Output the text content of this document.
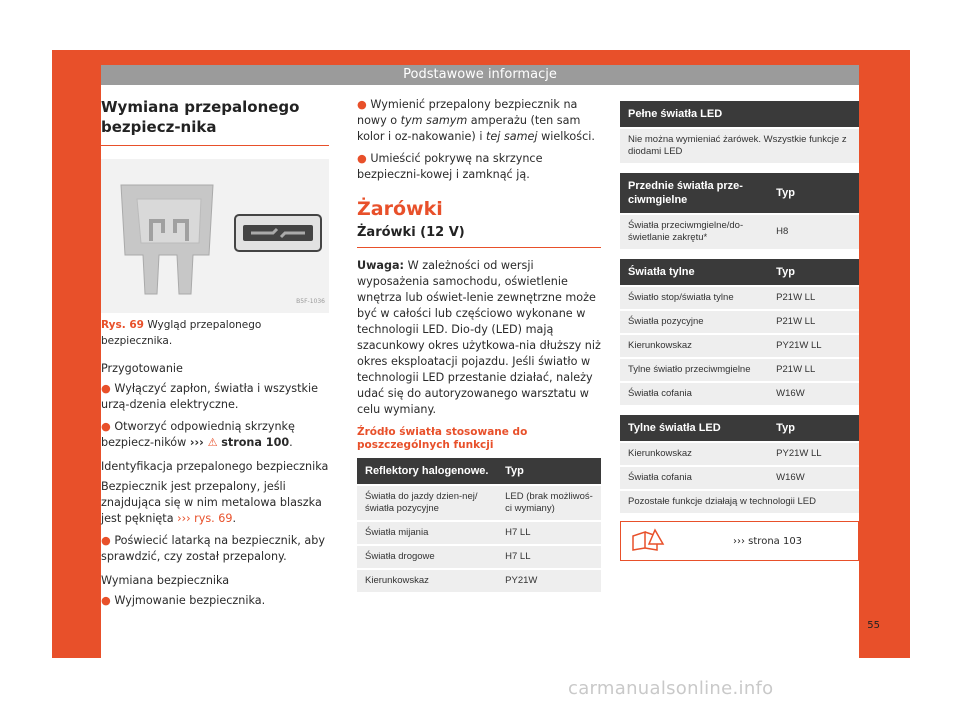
Podstawowe informacje
Wymiana przepalonego bezpiecz-nika
B5F-1036
Rys. 69 Wygląd przepalonego bezpiecznika.
Przygotowanie

● Wyłączyć zapłon, światła i wszystkie urzą-dzenia elektryczne.

● Otworzyć odpowiednią skrzynkę bezpiecz-ników ››› ⚠ strona 100.

Identyfikacja przepalonego bezpiecznika

Bezpiecznik jest przepalony, jeśli znajdująca się w nim metalowa blaszka jest pęknięta ››› rys. 69.

● Poświecić latarką na bezpiecznik, aby sprawdzić, czy został przepalony.

Wymiana bezpiecznika

● Wyjmowanie bezpiecznika.

● Wymienić przepalony bezpiecznik na nowy o tym samym amperażu (ten sam kolor i oz-nakowanie) i tej samej wielkości.

● Umieścić pokrywę na skrzynce bezpieczni-kowej i zamknąć ją.

Żarówki
Żarówki (12 V)

Uwaga: W zależności od wersji wyposażenia samochodu, oświetlenie wnętrza lub oświet-lenie zewnętrzne może być w całości lub częściowo wykonane w technologii LED. Dio-dy (LED) mają szacunkowy okres użytkowa-nia dłuższy niż okres eksploatacji pojazdu. Jeśli światło w technologii LED przestanie działać, należy udać się do autoryzowanego warsztatu w celu wymiany.

Źródło światła stosowane do poszczególnych funkcji
Reflektory halogenowe.	Typ
Światła do jazdy dzien-nej/światła pozycyjne	LED (brak możliwoś-ci wymiany)
Światła mijania	H7 LL
Światła drogowe	H7 LL
Kierunkowskaz	PY21W
Pełne światła LED
Nie można wymieniać żarówek. Wszystkie funkcje z diodami LED
Przednie światła prze-ciwmgielne	Typ
Światła przeciwmgielne/do-świetlanie zakrętu*	H8
Światła tylne	Typ
Światło stop/światła tylne	P21W LL
Światła pozycyjne	P21W LL
Kierunkowskaz	PY21W LL
Tylne światło przeciwmgielne	P21W LL
Światła cofania	W16W
Tylne światła LED	Typ
Kierunkowskaz	PY21W LL
Światła cofania	W16W
Pozostałe funkcje działają w technologii LED	
››› strona 103
55
carmanualsonline.info
